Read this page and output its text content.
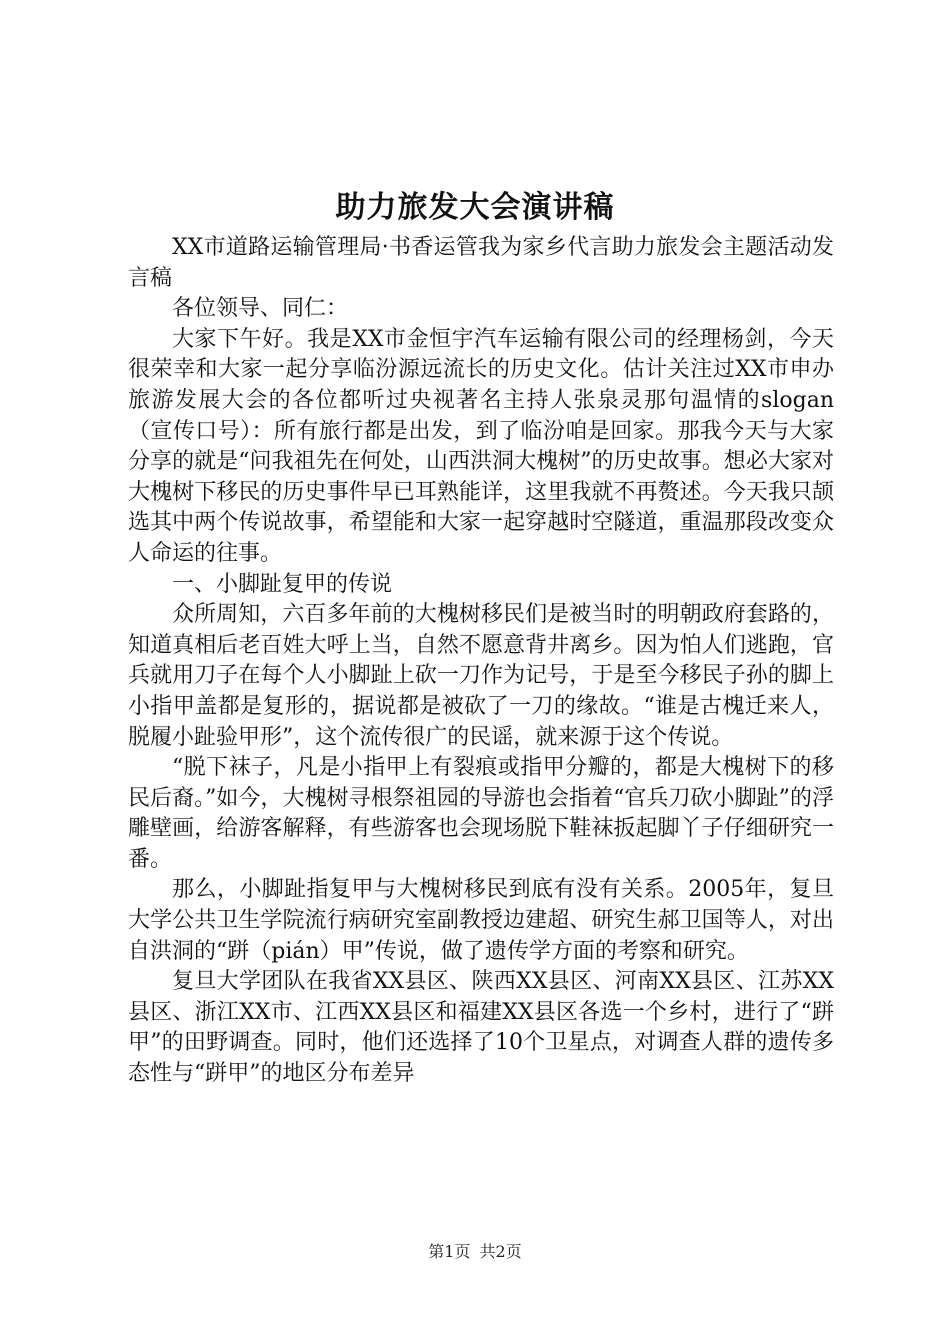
助力旅发大会演讲稿

XX市道路运输管理局·书香运管我为家乡代言助力旅发会主题活动发言稿

各位领导、同仁：

大家下午好。我是XX市金恒宇汽车运输有限公司的经理杨剑，今天很荣幸和大家一起分享临汾源远流长的历史文化。估计关注过XX市申办旅游发展大会的各位都听过央视著名主持人张泉灵那句温情的slogan（宣传口号）：所有旅行都是出发，到了临汾咱是回家。那我今天与大家分享的就是“问我祖先在何处，山西洪洞大槐树”的历史故事。想必大家对大槐树下移民的历史事件早已耳熟能详，这里我就不再赘述。今天我只颉选其中两个传说故事，希望能和大家一起穿越时空隧道，重温那段改变众人命运的往事。

一、小脚趾复甲的传说

众所周知，六百多年前的大槐树移民们是被当时的明朝政府套路的，知道真相后老百姓大呼上当，自然不愿意背井离乡。因为怕人们逃跑，官兵就用刀子在每个人小脚趾上砍一刀作为记号，于是至今移民子孙的脚上小指甲盖都是复形的，据说都是被砍了一刀的缘故。“谁是古槐迁来人，脱履小趾验甲形”，这个流传很广的民谣，就来源于这个传说。

“脱下袜子，凡是小指甲上有裂痕或指甲分瓣的，都是大槐树下的移民后裔。”如今，大槐树寻根祭祖园的导游也会指着“官兵刀砍小脚趾”的浮雕壁画，给游客解释，有些游客也会现场脱下鞋袜扳起脚丫子仔细研究一番。

那么，小脚趾指复甲与大槐树移民到底有没有关系。2005年，复旦大学公共卫生学院流行病研究室副教授边建超、研究生郝卫国等人，对出自洪洞的“跰（pián）甲”传说，做了遗传学方面的考察和研究。

复旦大学团队在我省XX县区、陕西XX县区、河南XX县区、江苏XX县区、浙江XX市、江西XX县区和福建XX县区各选一个乡村，进行了“跰甲”的田野调查。同时，他们还选择了10个卫星点，对调查人群的遗传多态性与“跰甲”的地区分布差异

第1页 共2页
